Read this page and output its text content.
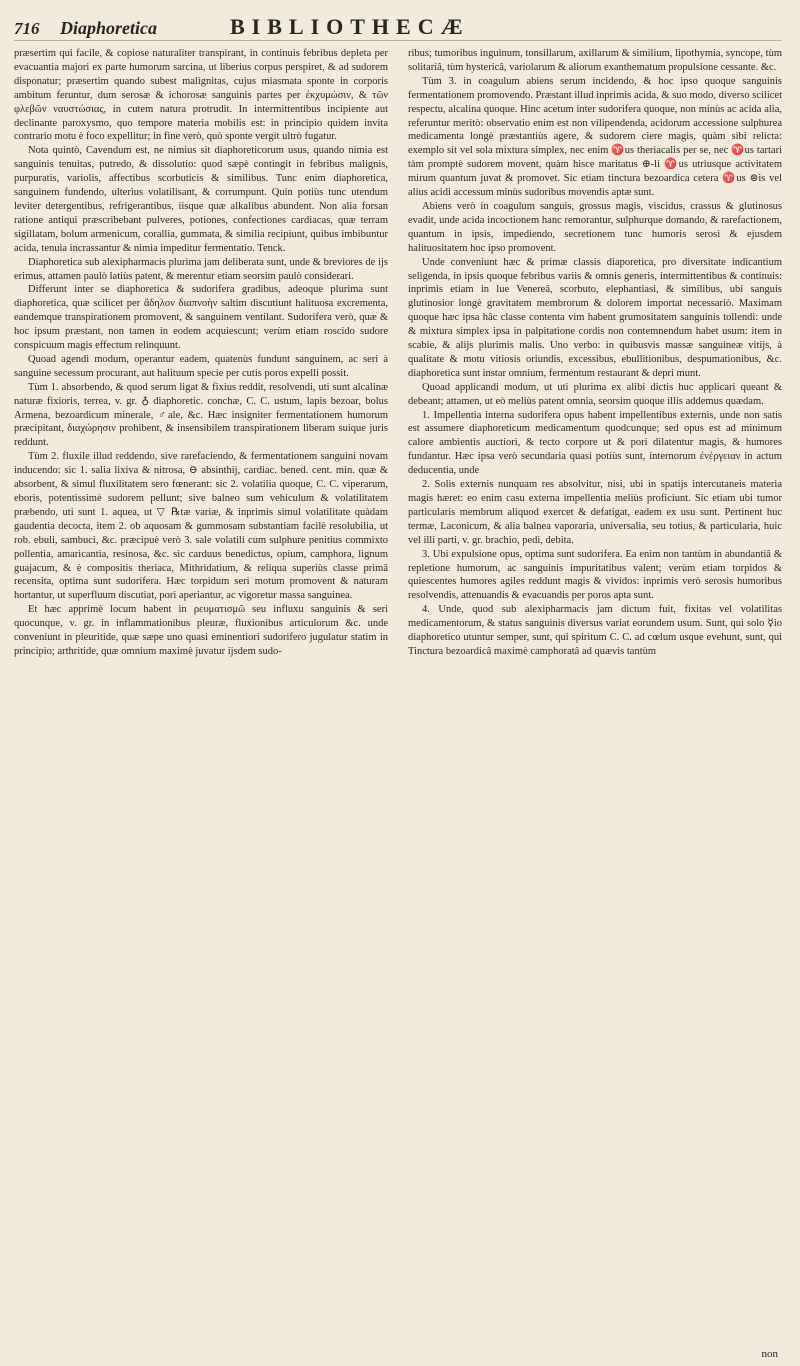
716	Diaphoretica	BIBLIOTHECÆ

præsertim qui facile, & copiose naturaliter transpirant, in continuis febribus depleta per evacuantia majori ex parte humorum sarcina, ut liberius corpus perspiret, & ad sudorem disponatur; præsertim quando subest malignitas, cujus miasmata sponte in corporis ambitum feruntur, dum serosæ & ichorosæ sanguinis partes per ἐκχυμώσιν, & τῶν φλεβῶν ναυστώσιας, in cutem natura protrudit. In intermittentibus incipiente aut declinante paroxysmo, quo tempore materia mobilis est: in principio quidem invita contrario motu è foco expellitur; in fine verò, quò sponte vergit ultrò fugatur.

Nota quintò, Cavendum est, ne nimius sit diaphoreticorum usus, quando nimia est sanguinis tenuitas, putredo, & dissolutio: quod sæpè contingit in febribus malignis, purpuratis, variolis, affectibus scorbuticis & similibus. Tunc enim diaphoretica, sanguinem fundendo, ulterius volatilisant, & corrumpunt. Quin potiùs tunc utendum leviter detergentibus, refrigerantibus, iisque quæ alkalibus abundent. Non alia forsan ratione antiqui præscribebant pulveres, potiones, confectiones cardiacas, quæ terram sigillatam, bolum armenicum, corallia, gummata, & similia recipiunt, quibus imbibuntur acida, tenuia incrassantur & nimia impeditur fermentatio. Tenck.

Diaphoretica sub alexipharmacis plurima jam deliberata sunt, unde & breviores de ijs erimus, attamen paulò latiùs patent, & merentur etiam seorsim paulò considerari.

Differunt inter se diaphoretica & sudorifera gradibus, adeoque plurima sunt diaphoretica, quæ scilicet per ἄδηλον διαπνοὴν saltim discutiunt halituosa excrementa, eandemque transpirationem promovent, & sanguinem ventilant. Sudorifera verò, quæ & hoc ipsum præstant, non tamen in eodem acquiescunt; verùm etiam roscido sudore conspicuum magis effectum relinquunt.

Quoad agendi modum, operantur eadem, quatenùs fundunt sanguinem, ac seri à sanguine secessum procurant, aut halituum specie per cutis poros expelli possit.

Tùm 1. absorbendo, & quod serum ligat & fixius reddit, resolvendi, uti sunt alcalinæ naturæ fixioris, terrea, v. gr. ♁ diaphoretic. conchæ, C. C. ustum, lapis bezoar, bolus Armena, bezoardicum minerale, ♂ale, &c. Hæc insigniter fermentationem humorum præcipitant, διαχώρησιν prohibent, & insensibilem transpirationem liberam suique juris reddunt.

Tùm 2. fluxile illud reddendo, sive rarefaciendo, & fermentationem sanguini novam inducendo: sic 1. salia lixiva & nitrosa, ⊖ absinthij, cardiac. bened. cent. min. quæ & absorbent, & simul fluxilitatem sero fœnerant: sic 2. volatilia quoque, C. C. viperarum, eboris, potentissimè sudorem pellunt; sive balneo sum vehiculum & volatilitatem præbendo, uti sunt 1. aquea, ut ▽ ℞tæ variæ, & inprimis simul volatilitate quàdam gaudentia decocta, item 2. ob aquosam & gummosam substantiam facilè resolubilia, ut rob. ebuli, sambuci, &c. præcipuè verò 3. sale volatili cum sulphure penitius commixto pollentia, amaricantia, resinosa, &c. sic carduus benedictus, opium, camphora, lignum guajacum, & è compositis theriaca, Mithridatium, & reliqua superiùs classe primâ recensita, optima sunt sudorifera. Hæc torpidum seri motum promovent & naturam hortantur, ut superfluum discutiat, pori aperiantur, ac vigoretur massa sanguinea.

Et hæc apprimè locum habent in ρευματισμῶ seu influxu sanguinis & seri quocunque, v. gr. in inflammationibus pleuræ, fluxionibus articulorum &c. unde conveniunt in pleuritide, quæ sæpe uno quasi eminentiori sudorifero jugulatur statim in principio; arthritide, quæ omnium maximè juvatur ijsdem sudo-

ribus; tumoribus inguinum, tonsillarum, axillarum & similium, lipothymia, syncope, tùm solitariâ, tùm hystericâ, variolarum & aliorum exanthematum propulsione cessante. &c.

Tùm 3. in coagulum abiens serum incidendo, & hoc ipso quoque sanguinis fermentationem promovendo. Præstant illud inprimis acida, & suo modo, diverso scilicet respectu, alcalina quoque. Hinc acetum inter sudorifera quoque, non minùs ac acida alia, referuntur meritò: observatio enim est non vilipendenda, acidorum accessione sulphurea medicamenta longè præstantiùs agere, & sudorem ciere magis, quàm sibi relicta: exemplo sit vel sola mixtura simplex, nec enim ♈us theriacalis per se, nec ♈us tartari tàm promptè sudorem movent, quàm hisce maritatus ⊕-li ♈us utriusque activitatem mirum quantum juvat & promovet. Sic etiam tinctura bezoardica cetera ♈us ⊜is vel alius acidi accessum minùs sudoribus movendis aptæ sunt.

Abiens verò in coagulum sanguis, grossus magis, viscidus, crassus & glutinosus evadit, unde acida incoctionem hanc remorantur, sulphurque domando, & rarefactionem, quantum in ipsis, impediendo, secretionem tunc humoris serosi & ejusdem halituositatem hoc ipso promovent.

Unde conveniunt hæc & primæ classis diaporetica, pro diversitate indicantium seligenda, in ipsis quoque febribus variis & omnis generis, intermittentibus & continuis: inprimis etiam in lue Venereâ, scorbuto, elephantiasi, & similibus, ubi sanguis glutinosior longè gravitatem membrorum & dolorem importat necessariò. Maximam quoque hæc ipsa hâc classe contenta vim habent grumositatem sanguinis tollendi: unde & mixtura simplex ipsa in palpitatione cordis non contemnendum habet usum: item in scabie, & alijs plurimis malis. Uno verbo: in quibusvis massæ sanguineæ vitijs, à qualitate & motu vitiosis oriundis, excessibus, ebullitionibus, despumationibus, &c. diaphoretica sunt instar omnium, fermentum restaurant & depri munt.

Quoad applicandi modum, ut uti plurima ex alibi dictis huc applicari queant & debeant; attamen, ut eò meliùs patent omnia, seorsim quoque illis addemus quædam.

1. Impellentia interna sudorifera opus habent impellentibus externis, unde non satis est assumere diaphoreticum medicamentum quodcunque; sed opus est ad minimum calore ambientis auctiori, & tecto corpore ut & pori dilatentur magis, & humores fundantur. Hæc ipsa verò secundaria quasi potiùs sunt, internorum ἐνέργειαν in actum deducentia, unde

2. Solis externis nunquam res absolvitur, nisi, ubi in spatijs intercutaneis materia magis hæret: eo enim casu externa impellentia meliùs proficiunt. Sic etiam ubi tumor particularis membrum aliquod exercet & defatigat, eadem ex usu sunt. Pertinent huc termæ, Laconicum, & alia balnea vaporaria, universalia, seu totius, & particularia, huic vel illi parti, v. gr. brachio, pedi, debita.

3. Ubi expulsione opus, optima sunt sudorifera. Ea enim non tantùm in abundantiâ & repletione humorum, ac sanguinis impuritatibus valent; verùm etiam torpidos & quiescentes humores agiles reddunt magis & vividos: inprimis verò serosis humoribus resolvendis, attenuandis & evacuandis per poros apta sunt.

4. Unde, quod sub alexipharmacis jam dictum fuit, fixitas vel volatilitas medicamentorum, & status sanguinis diversus variat eorundem usum. Sunt, qui solo ☿io diaphoretico utuntur semper, sunt, qui spiritum C. C. ad cœlum usque evehunt, sunt, qui Tinctura bezoardicâ maximè camphoratâ ad quævis tantùm

non
